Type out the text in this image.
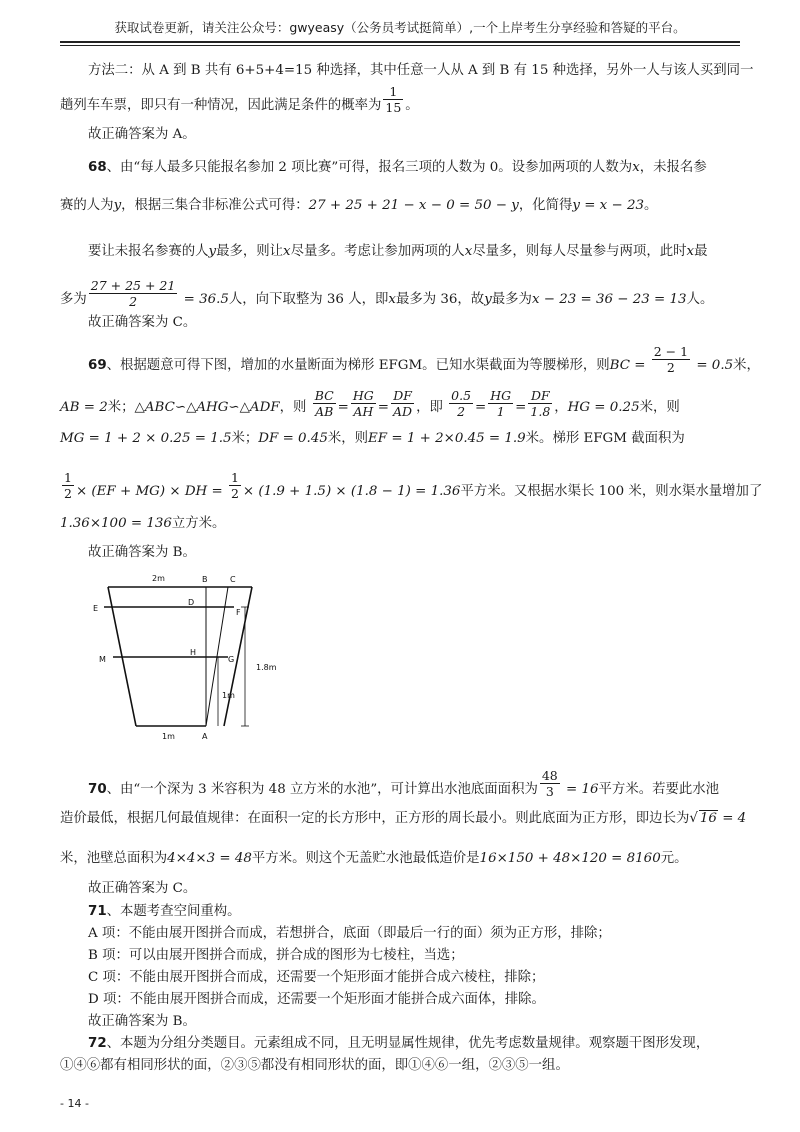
获取试卷更新，请关注公众号：gwyeasy（公务员考试挺简单）,一个上岸考生分享经验和答疑的平台。
方法二：从 A 到 B 共有 6+5+4=15 种选择，其中任意一人从 A 到 B 有 15 种选择，另外一人与该人买到同一
趟列车车票，即只有一种情况，因此满足条件的概率为 $\frac{1}{15}$ 。
故正确答案为 A。
68、由“每人最多只能报名参加 2 项比赛”可得，报名三项的人数为 0。设参加两项的人数为x，未报名参
赛的人为y，根据三集合非标准公式可得：27 + 25 + 21 − x − 0 = 50 − y，化简得y = x − 23。
要让未报名参赛的人y最多，则让x尽量多。考虑让参加两项的人x尽量多，则每人尽量参与两项，此时x最
多为 $\frac{27 + 25 + 21}{2} = 36.5$人，向下取整为 36 人，即x最多为 36，故y最多为x − 23 = 36 − 23 = 13人。
故正确答案为 C。
69、根据题意可得下图，增加的水量断面为梯形 EFGM。已知水渠截面为等腰梯形，则BC = $\frac{2 - 1}{2} = 0.5$米，
AB = 2米；△ABC∽△AHG∽△ADF，则 $\frac{BC}{AB} = \frac{HG}{AH} = \frac{DF}{AD}$ ，即 $\frac{0.5}{2} = \frac{HG}{1} = \frac{DF}{1.8}$ ，HG = 0.25米，则
MG = 1 + 2 × 0.25 = 1.5米；DF = 0.45米，则EF = 1 + 2×0.45 = 1.9米。梯形 EFGM 截面积为
$\frac{1}{2} \times (EF + MG)$ × DH = $\frac{1}{2} \times (1.9 + 1.5) \times (1.8 - 1) = 1.36$平方米。又根据水渠长 100 米，则水渠水量增加了
1.36×100 = 136立方米。
故正确答案为 B。
2m	B	C
E
D
F
M
H
G
1.8m
1m
1m	A
70、由“一个深为 3 米容积为 48 立方米的水池”，可计算出水池底面面积为 $\frac{48}{3} = 16$平方米。若要此水池
造价最低，根据几何最值规律：在面积一定的长方形中，正方形的周长最小。则此底面为正方形，即边长为√ 16 = 4
米，池壁总面积为4×4×3 = 48平方米。则这个无盖贮水池最低造价是16×150 + 48×120 = 8160元。
故正确答案为 C。
71、本题考查空间重构。
A 项：不能由展开图拼合而成，若想拼合，底面（即最后一行的面）须为正方形，排除；
B 项：可以由展开图拼合而成，拼合成的图形为七棱柱，当选；
C 项：不能由展开图拼合而成，还需要一个矩形面才能拼合成六棱柱，排除；
D 项：不能由展开图拼合而成，还需要一个矩形面才能拼合成六面体，排除。
故正确答案为 B。
72、本题为分组分类题目。元素组成不同，且无明显属性规律，优先考虑数量规律。观察题干图形发现，
①④⑥都有相同形状的面，②③⑤都没有相同形状的面，即①④⑥一组，②③⑤一组。
- 14 -
